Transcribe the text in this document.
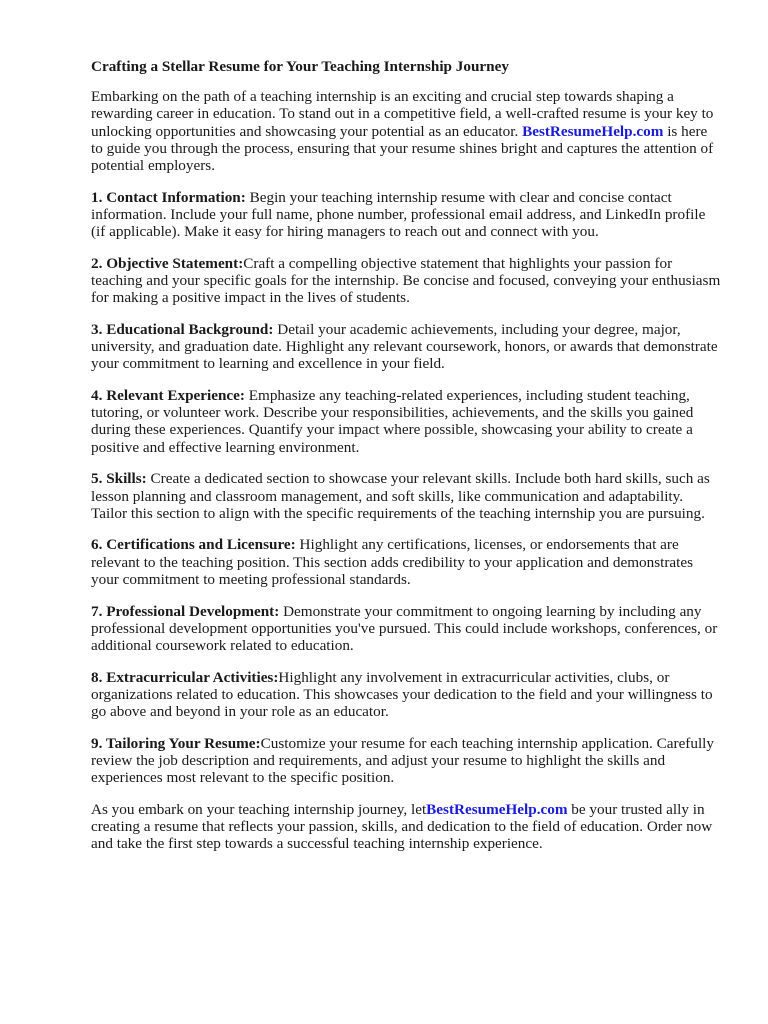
Crafting a Stellar Resume for Your Teaching Internship Journey

Embarking on the path of a teaching internship is an exciting and crucial step towards shaping a rewarding career in education. To stand out in a competitive field, a well-crafted resume is your key to unlocking opportunities and showcasing your potential as an educator. BestResumeHelp.com is here to guide you through the process, ensuring that your resume shines bright and captures the attention of potential employers.

1. Contact Information: Begin your teaching internship resume with clear and concise contact information. Include your full name, phone number, professional email address, and LinkedIn profile (if applicable). Make it easy for hiring managers to reach out and connect with you.

2. Objective Statement:Craft a compelling objective statement that highlights your passion for teaching and your specific goals for the internship. Be concise and focused, conveying your enthusiasm for making a positive impact in the lives of students.

3. Educational Background: Detail your academic achievements, including your degree, major, university, and graduation date. Highlight any relevant coursework, honors, or awards that demonstrate your commitment to learning and excellence in your field.

4. Relevant Experience: Emphasize any teaching-related experiences, including student teaching, tutoring, or volunteer work. Describe your responsibilities, achievements, and the skills you gained during these experiences. Quantify your impact where possible, showcasing your ability to create a positive and effective learning environment.

5. Skills: Create a dedicated section to showcase your relevant skills. Include both hard skills, such as lesson planning and classroom management, and soft skills, like communication and adaptability. Tailor this section to align with the specific requirements of the teaching internship you are pursuing.

6. Certifications and Licensure: Highlight any certifications, licenses, or endorsements that are relevant to the teaching position. This section adds credibility to your application and demonstrates your commitment to meeting professional standards.

7. Professional Development: Demonstrate your commitment to ongoing learning by including any professional development opportunities you've pursued. This could include workshops, conferences, or additional coursework related to education.

8. Extracurricular Activities:Highlight any involvement in extracurricular activities, clubs, or organizations related to education. This showcases your dedication to the field and your willingness to go above and beyond in your role as an educator.

9. Tailoring Your Resume:Customize your resume for each teaching internship application. Carefully review the job description and requirements, and adjust your resume to highlight the skills and experiences most relevant to the specific position.

As you embark on your teaching internship journey, letBestResumeHelp.com be your trusted ally in creating a resume that reflects your passion, skills, and dedication to the field of education. Order now and take the first step towards a successful teaching internship experience.
